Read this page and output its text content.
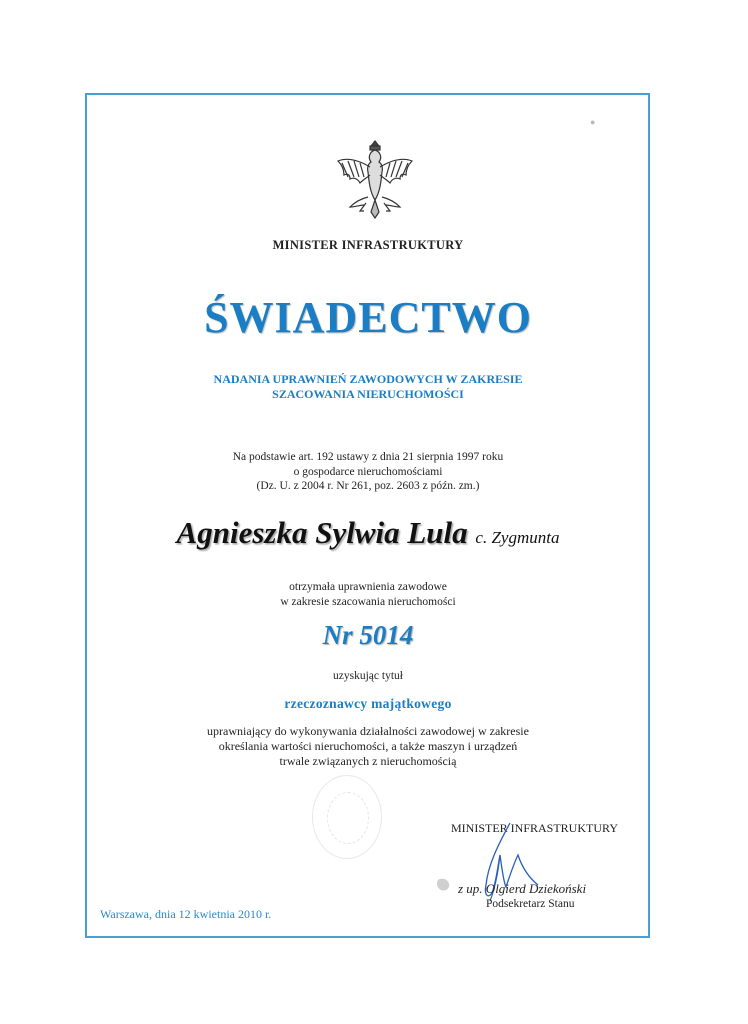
●
MINISTER INFRASTRUKTURY
ŚWIADECTWO
NADANIA UPRAWNIEŃ ZAWODOWYCH W ZAKRESIE
SZACOWANIA NIERUCHOMOŚCI
Na podstawie art. 192 ustawy z dnia 21 sierpnia 1997 roku
o gospodarce nieruchomościami
(Dz. U. z 2004 r. Nr 261, poz. 2603 z późn. zm.)
Agnieszka Sylwia Lula c. Zygmunta
otrzymała uprawnienia zawodowe
w zakresie szacowania nieruchomości
Nr 5014
uzyskując tytuł
rzeczoznawcy majątkowego
uprawniający do wykonywania działalności zawodowej w zakresie
określania wartości nieruchomości, a także maszyn i urządzeń
trwale związanych z nieruchomością
MINISTER INFRASTRUKTURY
z up. Olgierd Dziekoński
Podsekretarz Stanu
Warszawa, dnia 12 kwietnia 2010 r.
